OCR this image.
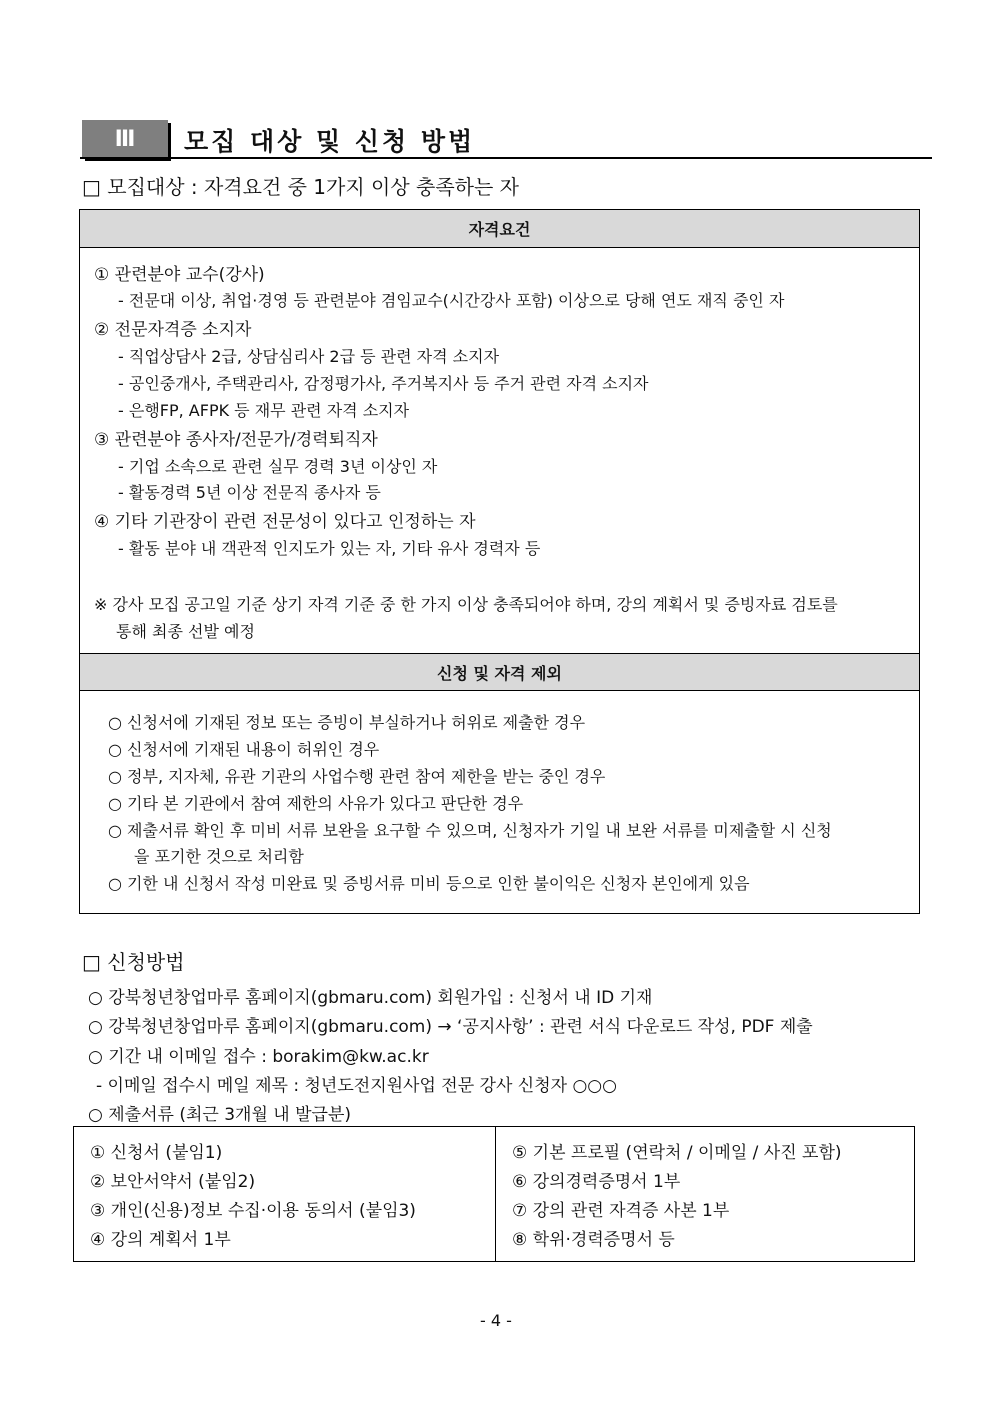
Ⅲ	모집 대상 및 신청 방법
□ 모집대상 : 자격요건 중 1가지 이상 충족하는 자
자격요건
① 관련분야 교수(강사)
- 전문대 이상, 취업·경영 등 관련분야 겸임교수(시간강사 포함) 이상으로 당해 연도 재직 중인 자
② 전문자격증 소지자
- 직업상담사 2급, 상담심리사 2급 등 관련 자격 소지자
- 공인중개사, 주택관리사, 감정평가사, 주거복지사 등 주거 관련 자격 소지자
- 은행FP, AFPK 등 재무 관련 자격 소지자
③ 관련분야 종사자/전문가/경력퇴직자
- 기업 소속으로 관련 실무 경력 3년 이상인 자
- 활동경력 5년 이상 전문직 종사자 등
④ 기타 기관장이 관련 전문성이 있다고 인정하는 자
- 활동 분야 내 객관적 인지도가 있는 자, 기타 유사 경력자 등
※ 강사 모집 공고일 기준 상기 자격 기준 중 한 가지 이상 충족되어야 하며, 강의 계획서 및 증빙자료 검토를
통해 최종 선발 예정
신청 및 자격 제외
○ 신청서에 기재된 정보 또는 증빙이 부실하거나 허위로 제출한 경우
○ 신청서에 기재된 내용이 허위인 경우
○ 정부, 지자체, 유관 기관의 사업수행 관련 참여 제한을 받는 중인 경우
○ 기타 본 기관에서 참여 제한의 사유가 있다고 판단한 경우
○ 제출서류 확인 후 미비 서류 보완을 요구할 수 있으며, 신청자가 기일 내 보완 서류를 미제출할 시 신청
을 포기한 것으로 처리함
○ 기한 내 신청서 작성 미완료 및 증빙서류 미비 등으로 인한 불이익은 신청자 본인에게 있음
□ 신청방법
○ 강북청년창업마루 홈페이지(gbmaru.com) 회원가입 : 신청서 내 ID 기재
○ 강북청년창업마루 홈페이지(gbmaru.com) → ‘공지사항’ : 관련 서식 다운로드 작성, PDF 제출
○ 기간 내 이메일 접수 : borakim@kw.ac.kr
- 이메일 접수시 메일 제목 : 청년도전지원사업 전문 강사 신청자 ○○○
○ 제출서류 (최근 3개월 내 발급분)
① 신청서 (붙임1)
② 보안서약서 (붙임2)
③ 개인(신용)정보 수집·이용 동의서 (붙임3)
④ 강의 계획서 1부
⑤ 기본 프로필 (연락처 / 이메일 / 사진 포함)
⑥ 강의경력증명서 1부
⑦ 강의 관련 자격증 사본 1부
⑧ 학위·경력증명서 등
- 4 -
